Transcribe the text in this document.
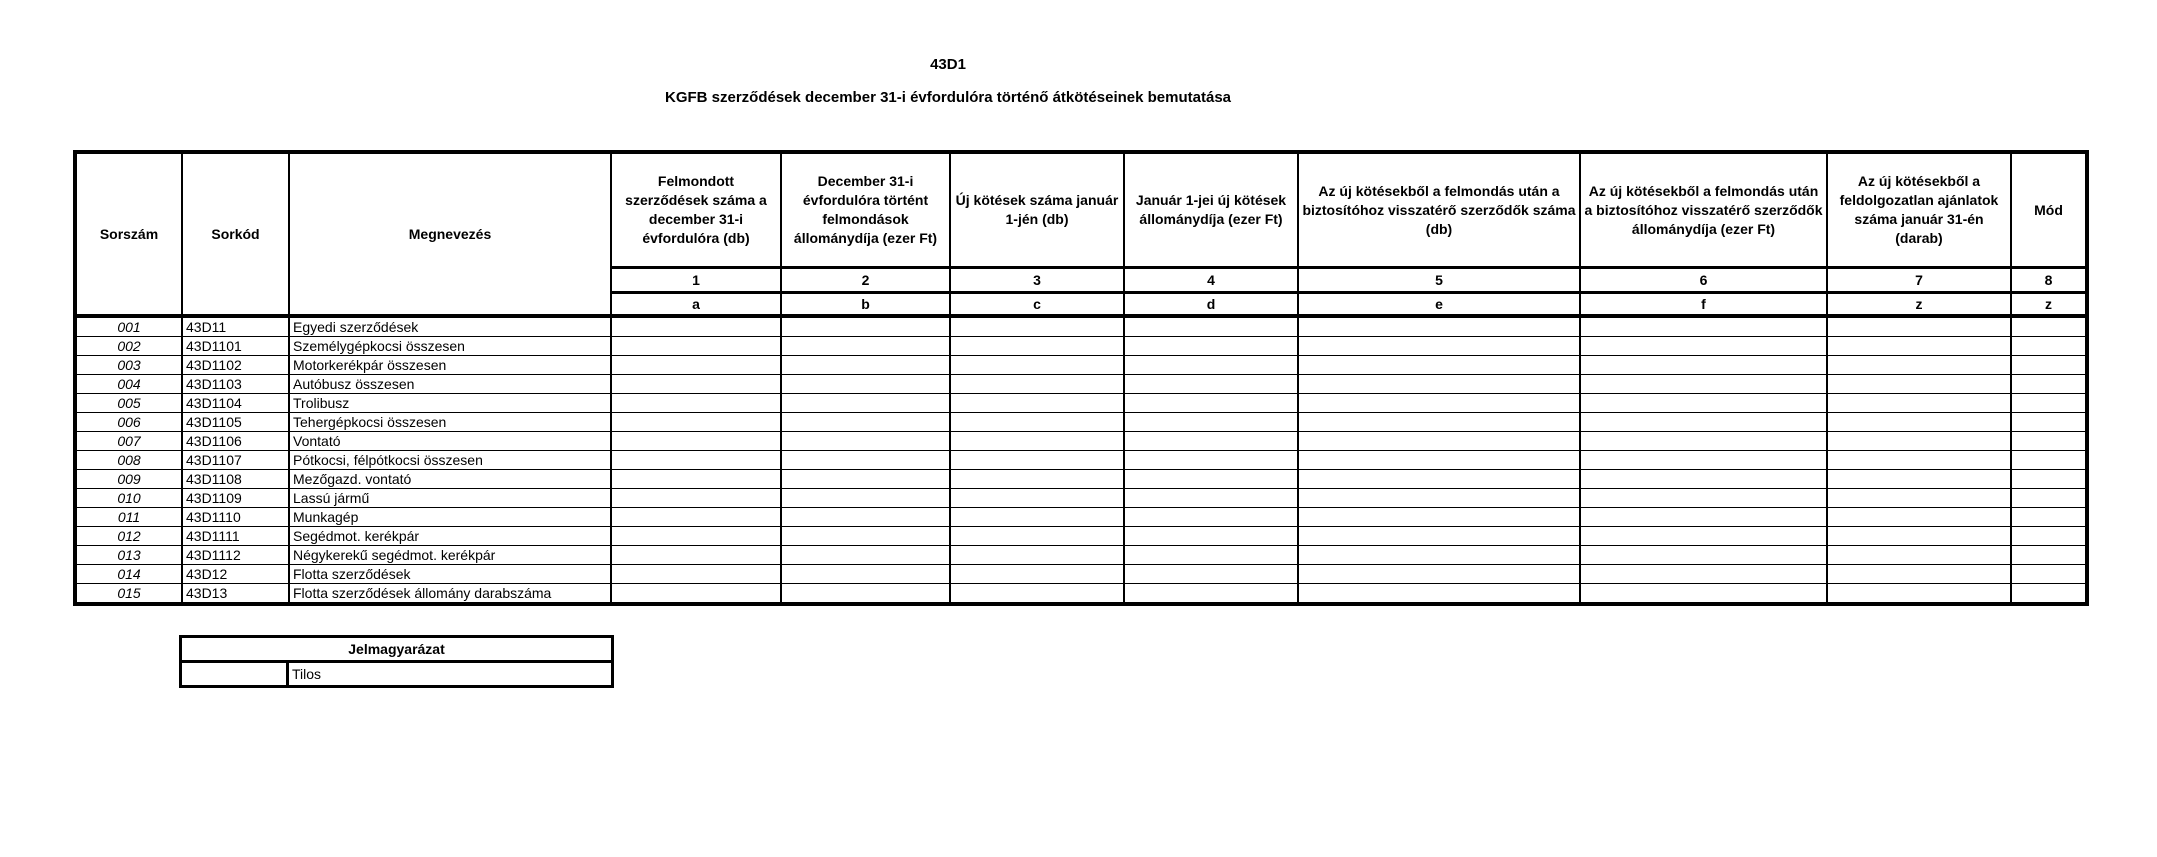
43D1
KGFB szerződések december 31-i évfordulóra történő átkötéseinek bemutatása
Sorszám	Sorkód	Megnevezés	Felmondott szerződések száma a december 31-i évfordulóra (db)	December 31-i évfordulóra történt felmondások állománydíja (ezer Ft)	Új kötések száma január 1-jén (db)	Január 1-jei új kötések állománydíja (ezer Ft)	Az új kötésekből a felmondás után a biztosítóhoz visszatérő szerződők száma (db)	Az új kötésekből a felmondás után a biztosítóhoz visszatérő szerződők állománydíja (ezer Ft)	Az új kötésekből a feldolgozatlan ajánlatok száma január 31-én (darab)	Mód
			1	2	3	4	5	6	7	8
			a	b	c	d	e	f	z	z
001	43D11	Egyedi szerződések								
002	43D1101	Személygépkocsi összesen								
003	43D1102	Motorkerékpár összesen								
004	43D1103	Autóbusz összesen								
005	43D1104	Trolibusz								
006	43D1105	Tehergépkocsi összesen								
007	43D1106	Vontató								
008	43D1107	Pótkocsi, félpótkocsi összesen								
009	43D1108	Mezőgazd. vontató								
010	43D1109	Lassú jármű								
011	43D1110	Munkagép								
012	43D1111	Segédmot. kerékpár								
013	43D1112	Négykerekű segédmot. kerékpár								
014	43D12	Flotta szerződések								
015	43D13	Flotta szerződések állomány darabszáma								
Jelmagyarázat
	Tilos
